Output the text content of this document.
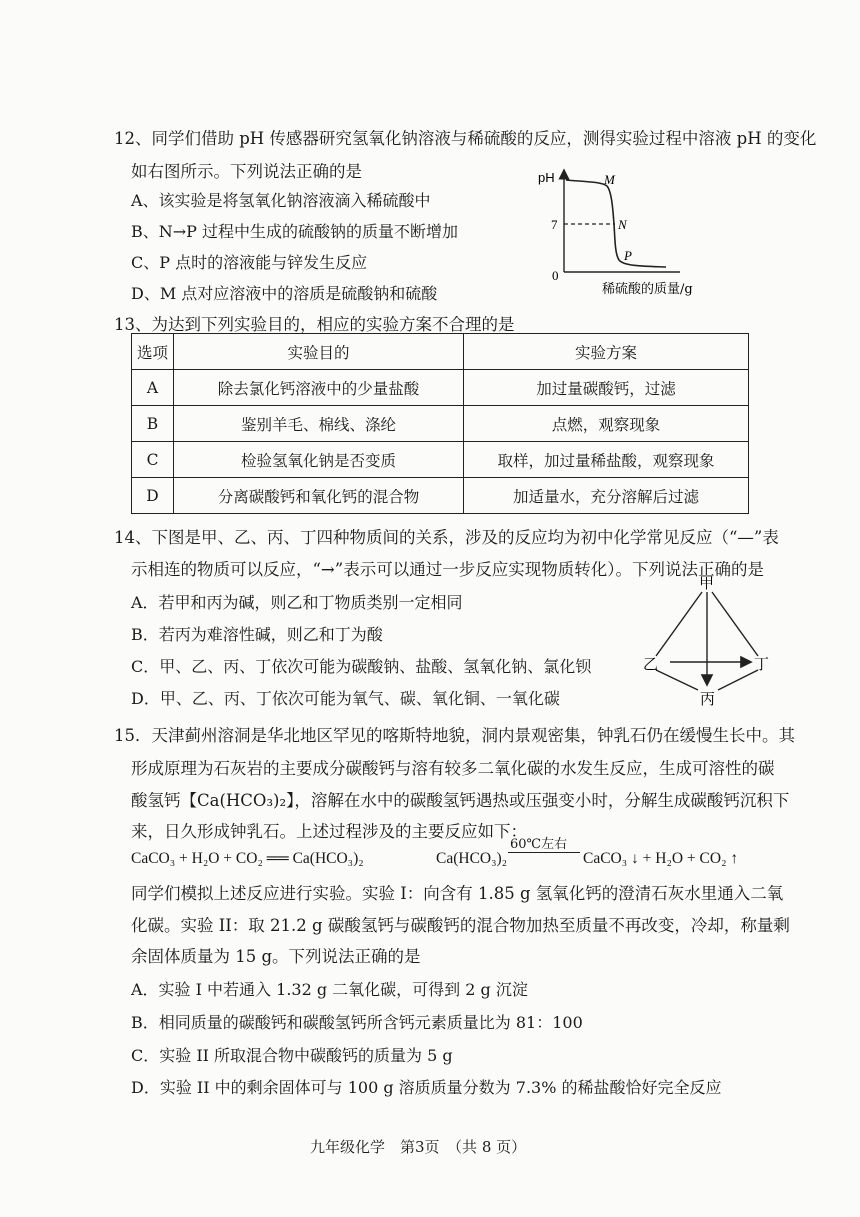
12、同学们借助 pH 传感器研究氢氧化钠溶液与稀硫酸的反应，测得实验过程中溶液 pH 的变化
如右图所示。下列说法正确的是
A、该实验是将氢氧化钠溶液滴入稀硫酸中
B、N→P 过程中生成的硫酸钠的质量不断增加
C、P 点时的溶液能与锌发生反应
D、M 点对应溶液中的溶质是硫酸钠和硫酸
pH
7
0
M
N
P
稀硫酸的质量/g
13、为达到下列实验目的，相应的实验方案不合理的是
选项	实验目的	实验方案
A	除去氯化钙溶液中的少量盐酸	加过量碳酸钙，过滤
B	鉴别羊毛、棉线、涤纶	点燃，观察现象
C	检验氢氧化钠是否变质	取样，加过量稀盐酸，观察现象
D	分离碳酸钙和氧化钙的混合物	加适量水，充分溶解后过滤
14、下图是甲、乙、丙、丁四种物质间的关系，涉及的反应均为初中化学常见反应（“—”表
示相连的物质可以反应，“→”表示可以通过一步反应实现物质转化）。下列说法正确的是
A．若甲和丙为碱，则乙和丁物质类别一定相同
B．若丙为难溶性碱，则乙和丁为酸
C．甲、乙、丙、丁依次可能为碳酸钠、盐酸、氢氧化钠、氯化钡
D．甲、乙、丙、丁依次可能为氧气、碳、氧化铜、一氧化碳
甲
乙
丙
丁
15．天津蓟州溶洞是华北地区罕见的喀斯特地貌，洞内景观密集，钟乳石仍在缓慢生长中。其
形成原理为石灰岩的主要成分碳酸钙与溶有较多二氧化碳的水发生反应，生成可溶性的碳
酸氢钙【Ca(HCO₃)₂】，溶解在水中的碳酸氢钙遇热或压强变小时，分解生成碳酸钙沉积下
来，日久形成钟乳石。上述过程涉及的主要反应如下：
CaCO₃ + H₂O + CO₂ ══ Ca(HCO₃)₂	Ca(HCO₃)₂
60℃左右
CaCO₃ ↓ + H₂O + CO₂ ↑
同学们模拟上述反应进行实验。实验 I：向含有 1.85 g 氢氧化钙的澄清石灰水里通入二氧
化碳。实验 II：取 21.2 g 碳酸氢钙与碳酸钙的混合物加热至质量不再改变，冷却，称量剩
余固体质量为 15 g。下列说法正确的是
A．实验 I 中若通入 1.32 g 二氧化碳，可得到 2 g 沉淀
B．相同质量的碳酸钙和碳酸氢钙所含钙元素质量比为 81：100
C．实验 II 所取混合物中碳酸钙的质量为 5 g
D．实验 II 中的剩余固体可与 100 g 溶质质量分数为 7.3% 的稀盐酸恰好完全反应
九年级化学　第3页　（共 8 页）
